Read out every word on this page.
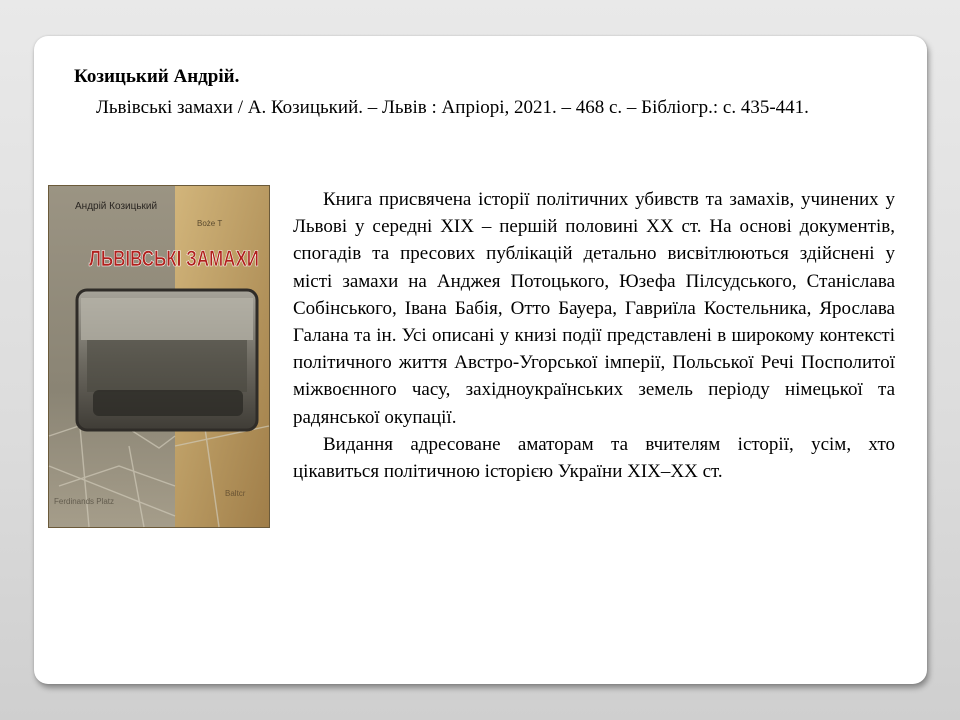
Козицький Андрій.

Львівські замахи / А. Козицький. – Львів : Апріорі, 2021. – 468 с. – Бібліогр.: с. 435-441.

Андрій Козицький
Boże T
ЛЬВІВСЬКІ ЗАМАХИ
Ferdinands Platz
Baltcr

Книга присвячена історії політичних убивств та замахів, учинених у Львові у середні ХІХ – першій половині ХХ ст. На основі документів, спогадів та пресових публікацій детально висвітлюються здійснені у місті замахи на Анджея Потоцького, Юзефа Пілсудського, Станіслава Собінського, Івана Бабія, Отто Бауера, Гавриїла Костельника, Ярослава Галана та ін. Усі описані у книзі події представлені в широкому контексті політичного життя Австро-Угорської імперії, Польської Речі Посполитої міжвоєнного часу, західноукраїнських земель періоду німецької та радянської окупації.

Видання адресоване аматорам та вчителям історії, усім, хто цікавиться політичною історією України ХІХ–ХХ ст.
